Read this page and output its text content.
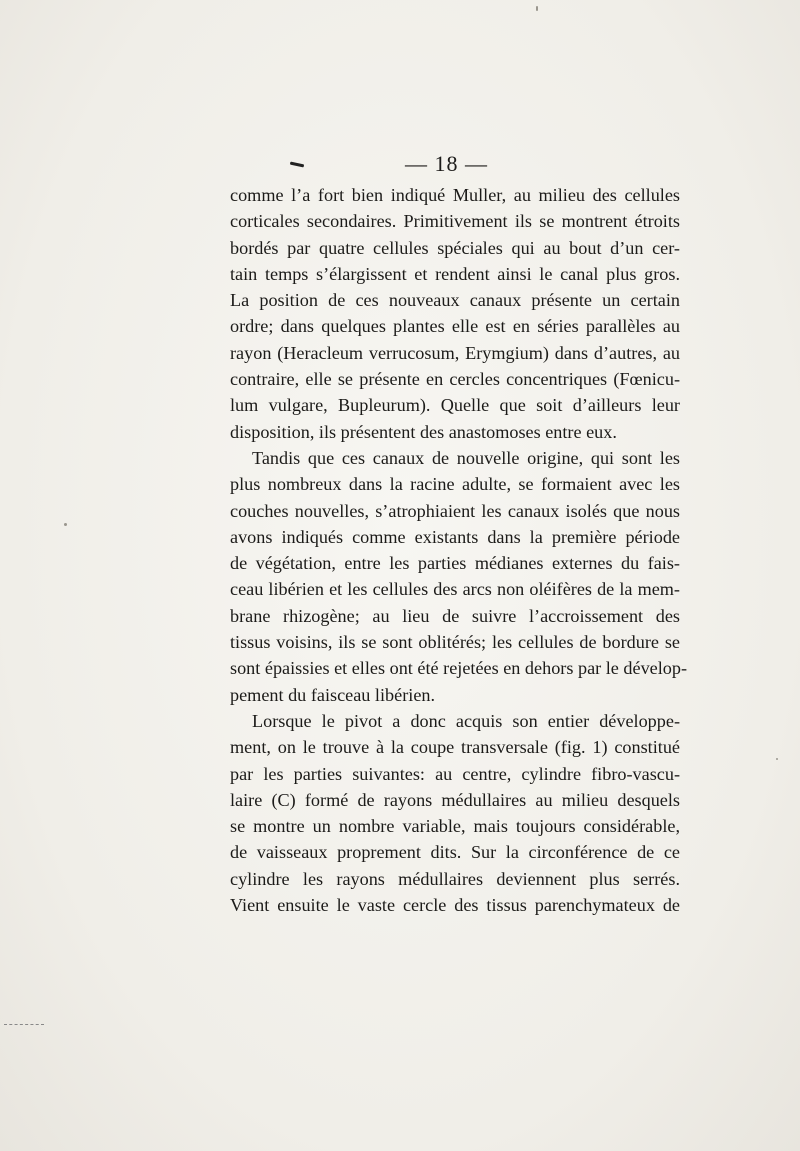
— 18 —
comme l’a fort bien indiqué Muller, au milieu des cellules
corticales secondaires. Primitivement ils se montrent étroits
bordés par quatre cellules spéciales qui au bout d’un cer-
tain temps s’élargissent et rendent ainsi le canal plus gros.
La position de ces nouveaux canaux présente un certain
ordre; dans quelques plantes elle est en séries parallèles au
rayon (Heracleum verrucosum, Erymgium) dans d’autres, au
contraire, elle se présente en cercles concentriques (Fœnicu-
lum vulgare, Bupleurum). Quelle que soit d’ailleurs leur
disposition, ils présentent des anastomoses entre eux.
Tandis que ces canaux de nouvelle origine, qui sont les
plus nombreux dans la racine adulte, se formaient avec les
couches nouvelles, s’atrophiaient les canaux isolés que nous
avons indiqués comme existants dans la première période
de végétation, entre les parties médianes externes du fais-
ceau libérien et les cellules des arcs non oléifères de la mem-
brane rhizogène; au lieu de suivre l’accroissement des
tissus voisins, ils se sont oblitérés; les cellules de bordure se
sont épaissies et elles ont été rejetées en dehors par le dévelop-
pement du faisceau libérien.
Lorsque le pivot a donc acquis son entier développe-
ment, on le trouve à la coupe transversale (fig. 1) constitué
par les parties suivantes: au centre, cylindre fibro-vascu-
laire (C) formé de rayons médullaires au milieu desquels
se montre un nombre variable, mais toujours considérable,
de vaisseaux proprement dits. Sur la circonférence de ce
cylindre les rayons médullaires deviennent plus serrés.
Vient ensuite le vaste cercle des tissus parenchymateux de
